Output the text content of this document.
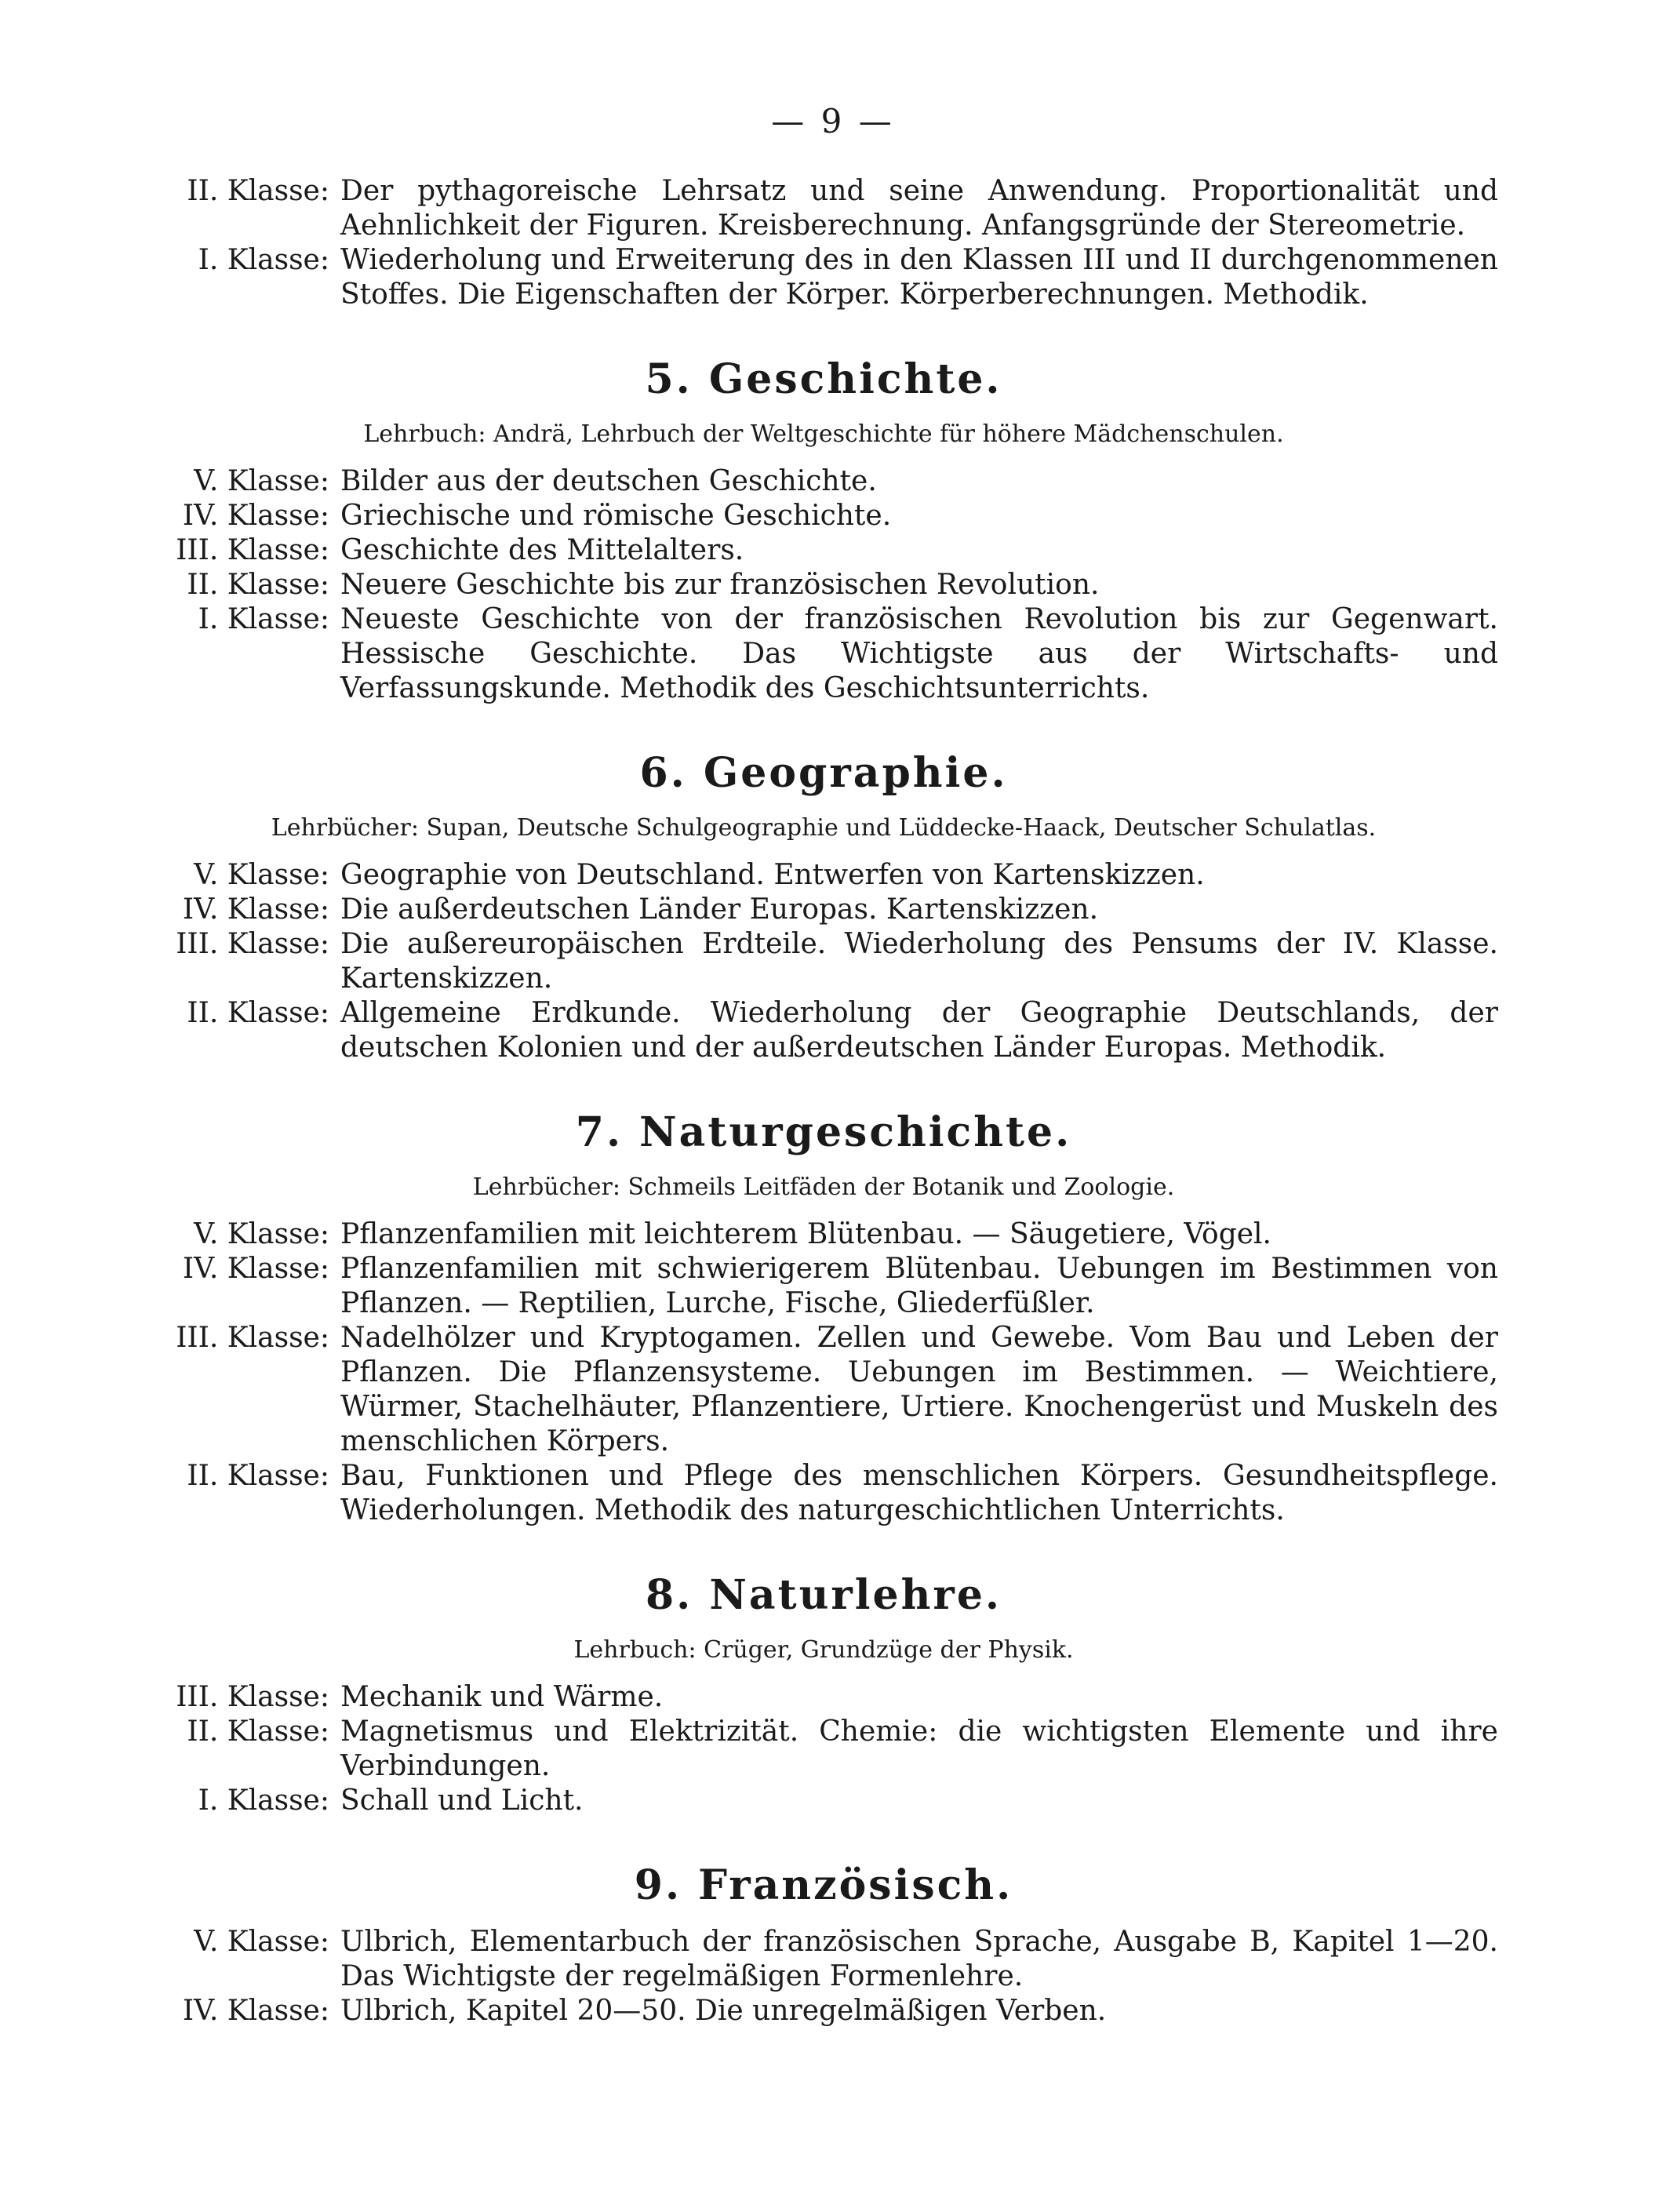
— 9 —
II. Klasse: Der pythagoreische Lehrsatz und seine Anwendung. Proportionalität und Aehnlichkeit der Figuren. Kreisberechnung. Anfangsgründe der Stereometrie.
I. Klasse: Wiederholung und Erweiterung des in den Klassen III und II durchgenommenen Stoffes. Die Eigenschaften der Körper. Körperberechnungen. Methodik.
5. Geschichte.
Lehrbuch: Andrä, Lehrbuch der Weltgeschichte für höhere Mädchenschulen.
V. Klasse: Bilder aus der deutschen Geschichte.
IV. Klasse: Griechische und römische Geschichte.
III. Klasse: Geschichte des Mittelalters.
II. Klasse: Neuere Geschichte bis zur französischen Revolution.
I. Klasse: Neueste Geschichte von der französischen Revolution bis zur Gegenwart. Hessische Geschichte. Das Wichtigste aus der Wirtschafts- und Verfassungskunde. Methodik des Geschichtsunterrichts.
6. Geographie.
Lehrbücher: Supan, Deutsche Schulgeographie und Lüddecke-Haack, Deutscher Schulatlas.
V. Klasse: Geographie von Deutschland. Entwerfen von Kartenskizzen.
IV. Klasse: Die außerdeutschen Länder Europas. Kartenskizzen.
III. Klasse: Die außereuropäischen Erdteile. Wiederholung des Pensums der IV. Klasse. Kartenskizzen.
II. Klasse: Allgemeine Erdkunde. Wiederholung der Geographie Deutschlands, der deutschen Kolonien und der außerdeutschen Länder Europas. Methodik.
7. Naturgeschichte.
Lehrbücher: Schmeils Leitfäden der Botanik und Zoologie.
V. Klasse: Pflanzenfamilien mit leichterem Blütenbau. — Säugetiere, Vögel.
IV. Klasse: Pflanzenfamilien mit schwierigerem Blütenbau. Uebungen im Bestimmen von Pflanzen. — Reptilien, Lurche, Fische, Gliederfüßler.
III. Klasse: Nadelhölzer und Kryptogamen. Zellen und Gewebe. Vom Bau und Leben der Pflanzen. Die Pflanzensysteme. Uebungen im Bestimmen. — Weichtiere, Würmer, Stachelhäuter, Pflanzentiere, Urtiere. Knochengerüst und Muskeln des menschlichen Körpers.
II. Klasse: Bau, Funktionen und Pflege des menschlichen Körpers. Gesundheitspflege. Wiederholungen. Methodik des naturgeschichtlichen Unterrichts.
8. Naturlehre.
Lehrbuch: Crüger, Grundzüge der Physik.
III. Klasse: Mechanik und Wärme.
II. Klasse: Magnetismus und Elektrizität. Chemie: die wichtigsten Elemente und ihre Verbindungen.
I. Klasse: Schall und Licht.
9. Französisch.
V. Klasse: Ulbrich, Elementarbuch der französischen Sprache, Ausgabe B, Kapitel 1—20. Das Wichtigste der regelmäßigen Formenlehre.
IV. Klasse: Ulbrich, Kapitel 20—50. Die unregelmäßigen Verben.
